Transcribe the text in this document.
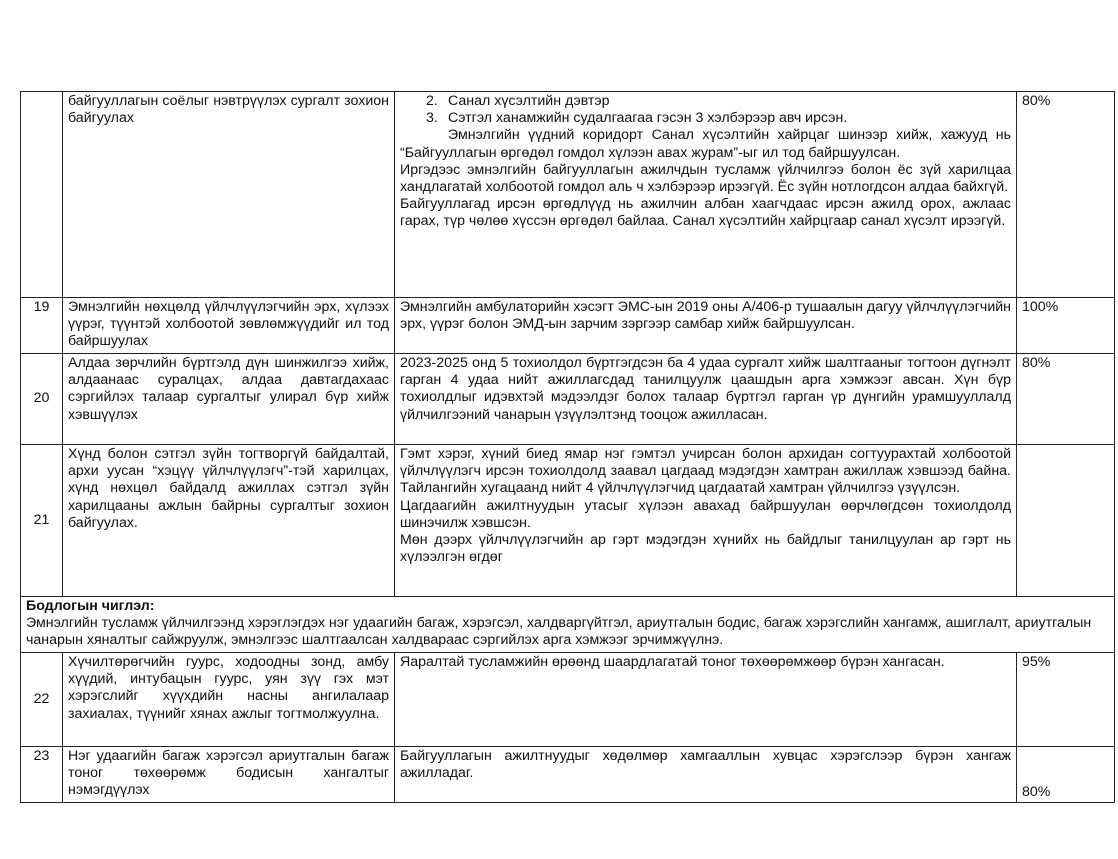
	байгууллагын соёлыг нэвтрүүлэх сургалт зохион байгуулах	2. Санал хүсэлтийн дэвтэр
3. Сэтгэл ханамжийн судалгаагаа гэсэн 3 хэлбэрээр авч ирсэн.

Эмнэлгийн үүдний коридорт Санал хүсэлтийн хайрцаг шинээр хийж, хажууд нь “Байгууллагын өргөдөл гомдол хүлээн авах журам”-ыг ил тод байршуулсан.

Иргэдээс эмнэлгийн байгууллагын ажилчдын тусламж үйлчилгээ болон ёс зүй харилцаа хандлагатай холбоотой гомдол аль ч хэлбэрээр ирээгүй. Ёс зүйн нотлогдсон алдаа байхгүй.

Байгууллагад ирсэн өргөдлүүд нь ажилчин албан хаагчдаас ирсэн ажилд орох, ажлаас гарах, түр чөлөө хүссэн өргөдөл байлаа. Санал хүсэлтийн хайрцгаар санал хүсэлт ирээгүй.	80%
19	Эмнэлгийн нөхцөлд үйлчлүүлэгчийн эрх, хүлээх үүрэг, түүнтэй холбоотой зөвлөмжүүдийг ил тод байршуулах	Эмнэлгийн амбулаторийн хэсэгт ЭМС-ын 2019 оны А/406-р тушаалын дагуу үйлчлүүлэгчийн эрх, үүрэг болон ЭМД-ын зарчим зэргээр самбар хийж байршуулсан.	100%
20	Алдаа зөрчлийн бүртгэлд дүн шинжилгээ хийж, алдаанаас суралцах, алдаа давтагдахаас сэргийлэх талаар сургалтыг улирал бүр хийж хэвшүүлэх	2023-2025 онд 5 тохиолдол бүртгэгдсэн ба 4 удаа сургалт хийж шалтгааныг тогтоон дүгнэлт гарган 4 удаа нийт ажиллагсдад танилцуулж цаашдын арга хэмжээг авсан. Хүн бүр тохиолдлыг идэвхтэй мэдээлдэг болох талаар бүртгэл гарган үр дүнгийн урамшууллалд үйлчилгээний чанарын үзүүлэлтэнд тооцож ажилласан.	80%
21	Хүнд болон сэтгэл зүйн тогтворгүй байдалтай, архи уусан “хэцүү үйлчлүүлэгч”-тэй харилцах, хүнд нөхцөл байдалд ажиллах сэтгэл зүйн харилцааны ажлын байрны сургалтыг зохион байгуулах.	Гэмт хэрэг, хүний биед ямар нэг гэмтэл учирсан болон архидан согтуурахтай холбоотой үйлчлүүлэгч ирсэн тохиолдолд заавал цагдаад мэдэгдэн хамтран ажиллаж хэвшээд байна. Тайлангийн хугацаанд нийт 4 үйлчлүүлэгчид цагдаатай хамтран үйлчилгээ үзүүлсэн.

Цагдаагийн ажилтнуудын утасыг хүлээн авахад байршуулан өөрчлөгдсөн тохиолдолд шинэчилж хэвшсэн.

Мөн дээрх үйлчлүүлэгчийн ар гэрт мэдэгдэн хүнийх нь байдлыг танилцуулан ар гэрт нь хүлээлгэн өгдөг	

Бодлогын чиглэл:
Эмнэлгийн тусламж үйлчилгээнд хэрэглэгдэх нэг удаагийн багаж, хэрэгсэл, халдваргүйтгэл, ариутгалын бодис, багаж хэрэгслийн хангамж, ашиглалт, ариутгалын чанарын хяналтыг сайжруулж, эмнэлгээс шалтгаалсан халдвараас сэргийлэх арга хэмжээг эрчимжүүлнэ.			

22	Хүчилтөрөгчийн гуурс, ходоодны зонд, амбу хүүдий, интубацын гуурс, уян зүү гэх мэт хэрэгслийг хүүхдийн насны ангилалаар захиалах, түүнийг хянах ажлыг тогтмолжуулна.	Яаралтай тусламжийн өрөөнд шаардлагатай тоног төхөөрөмжөөр бүрэн хангасан.	95%
23	Нэг удаагийн багаж хэрэгсэл ариутгалын багаж тоног төхөөрөмж бодисын хангалтыг нэмэгдүүлэх	Байгууллагын ажилтнуудыг хөдөлмөр хамгааллын хувцас хэрэгслээр бүрэн хангаж ажилладаг.	80%
